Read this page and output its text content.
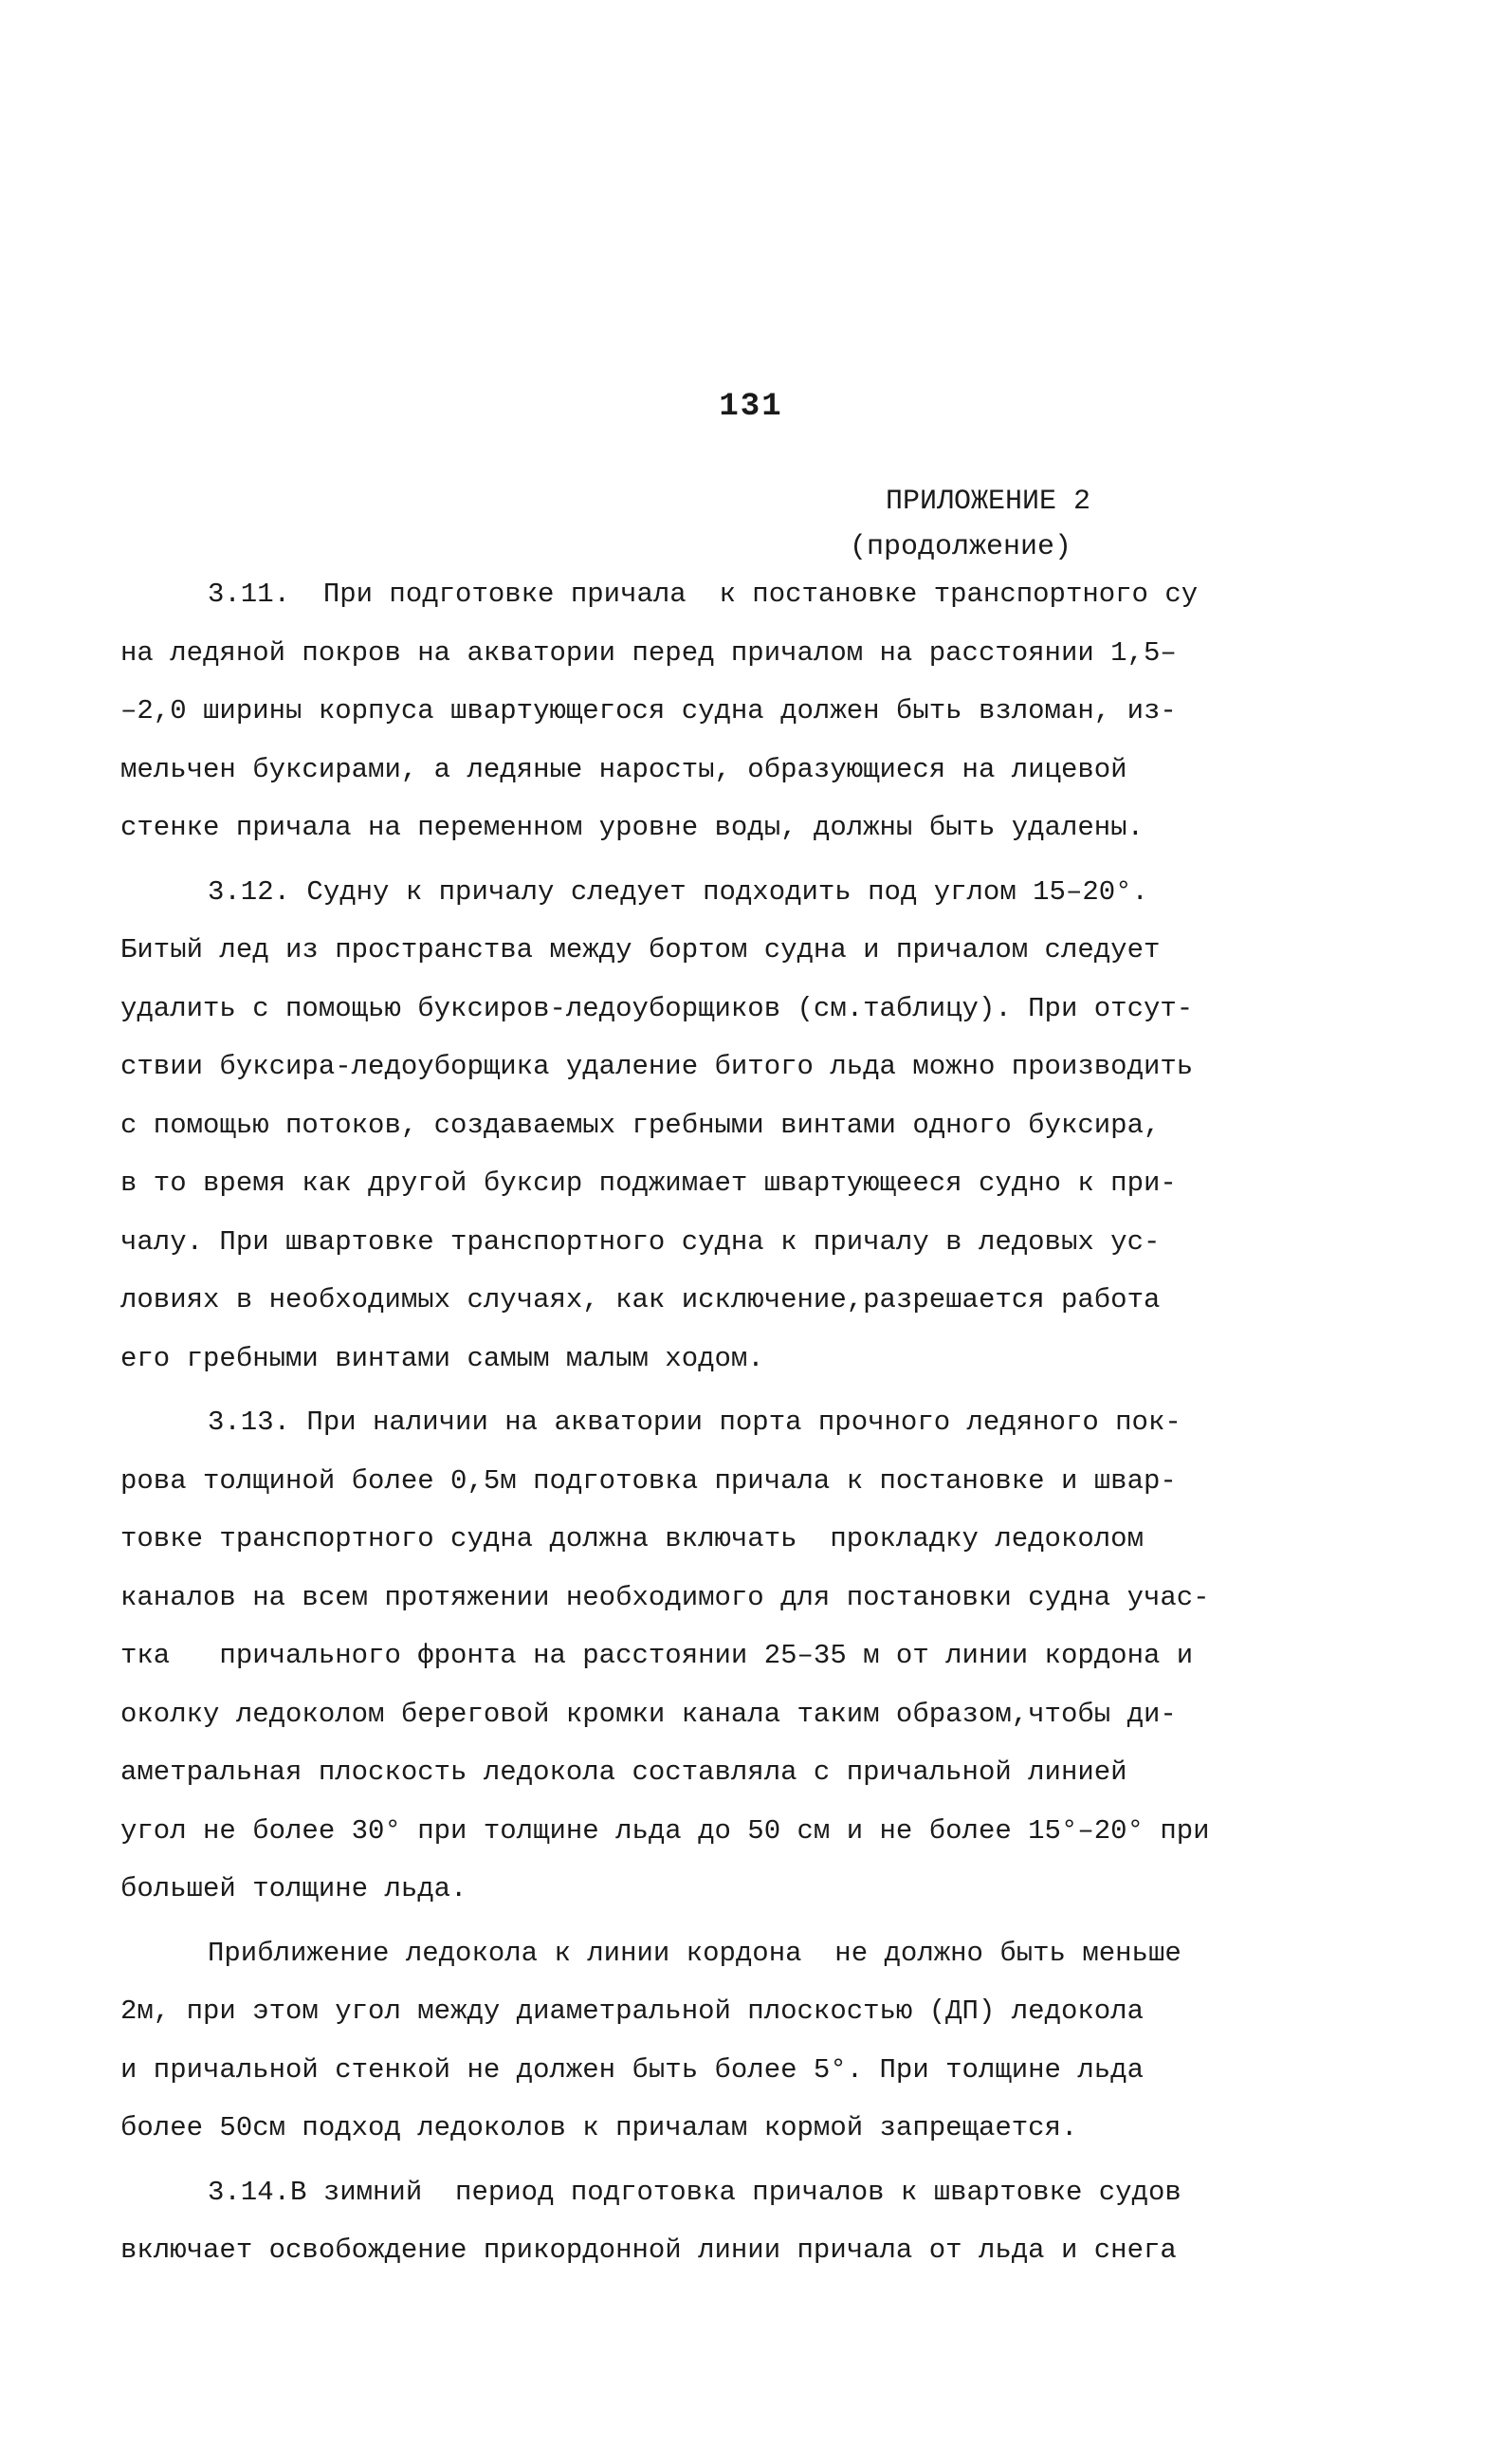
131
ПРИЛОЖЕНИЕ 2
(продолжение)
3.11.  При подготовке причала  к постановке транспортного су
на ледяной покров на акватории перед причалом на расстоянии 1,5–
–2,0 ширины корпуса швартующегося судна должен быть взломан, из-
мельчен буксирами, а ледяные наросты, образующиеся на лицевой
стенке причала на переменном уровне воды, должны быть удалены.
3.12. Судну к причалу следует подходить под углом 15–20°.
Битый лед из пространства между бортом судна и причалом следует
удалить с помощью буксиров-ледоуборщиков (см.таблицу). При отсут-
ствии буксира-ледоуборщика удаление битого льда можно производить
с помощью потоков, создаваемых гребными винтами одного буксира,
в то время как другой буксир поджимает швартующееся судно к при-
чалу. При швартовке транспортного судна к причалу в ледовых ус-
ловиях в необходимых случаях, как исключение,разрешается работа
его гребными винтами самым малым ходом.
3.13. При наличии на акватории порта прочного ледяного пок-
рова толщиной более 0,5м подготовка причала к постановке и швар-
товке транспортного судна должна включать  прокладку ледоколом
каналов на всем протяжении необходимого для постановки судна учас-
тка   причального фронта на расстоянии 25–35 м от линии кордона и
околку ледоколом береговой кромки канала таким образом,чтобы ди-
аметральная плоскость ледокола составляла с причальной линией
угол не более 30° при толщине льда до 50 см и не более 15°–20° при
большей толщине льда.
Приближение ледокола к линии кордона  не должно быть меньше
2м, при этом угол между диаметральной плоскостью (ДП) ледокола
и причальной стенкой не должен быть более 5°. При толщине льда
более 50см подход ледоколов к причалам кормой запрещается.
3.14.В зимний  период подготовка причалов к швартовке судов
включает освобождение прикордонной линии причала от льда и снега
